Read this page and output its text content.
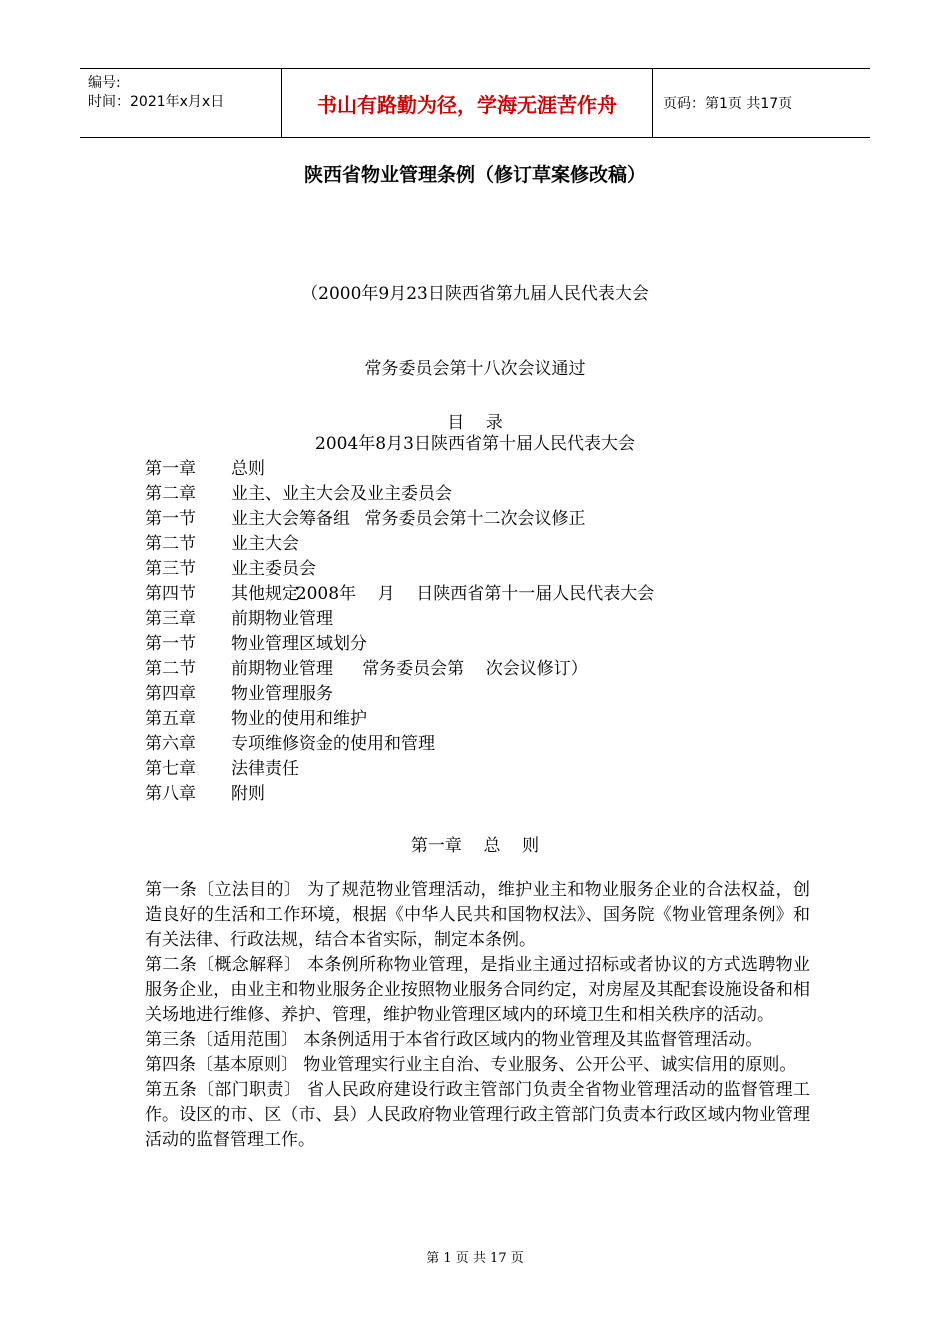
编号:
时间：2021年x月x日	书山有路勤为径，学海无涯苦作舟	页码：第1页 共17页
陕西省物业管理条例（修订草案修改稿）

（2000年9月23日陕西省第九届人民代表大会

常务委员会第十八次会议通过

2004年8月3日陕西省第十届人民代表大会

常务委员会第十二次会议修正

2008年    月    日陕西省第十一届人民代表大会

常务委员会第    次会议修订）

目    录
第一章 总则
第二章 业主、业主大会及业主委员会
第一节 业主大会筹备组
第二节 业主大会
第三节 业主委员会
第四节 其他规定
第三章 前期物业管理
第一节 物业管理区域划分
第二节 前期物业管理
第四章 物业管理服务
第五章 物业的使用和维护
第六章 专项维修资金的使用和管理
第七章 法律责任
第八章 附则
第一章    总    则

第一条〔立法目的〕 为了规范物业管理活动，维护业主和物业服务企业的合法权益，创造良好的生活和工作环境，根据《中华人民共和国物权法》、国务院《物业管理条例》和有关法律、行政法规，结合本省实际，制定本条例。

第二条〔概念解释〕 本条例所称物业管理，是指业主通过招标或者协议的方式选聘物业服务企业，由业主和物业服务企业按照物业服务合同约定，对房屋及其配套设施设备和相关场地进行维修、养护、管理，维护物业管理区域内的环境卫生和相关秩序的活动。

第三条〔适用范围〕 本条例适用于本省行政区域内的物业管理及其监督管理活动。

第四条〔基本原则〕 物业管理实行业主自治、专业服务、公开公平、诚实信用的原则。

第五条〔部门职责〕 省人民政府建设行政主管部门负责全省物业管理活动的监督管理工作。设区的市、区（市、县）人民政府物业管理行政主管部门负责本行政区域内物业管理活动的监督管理工作。

第 1 页 共 17 页
